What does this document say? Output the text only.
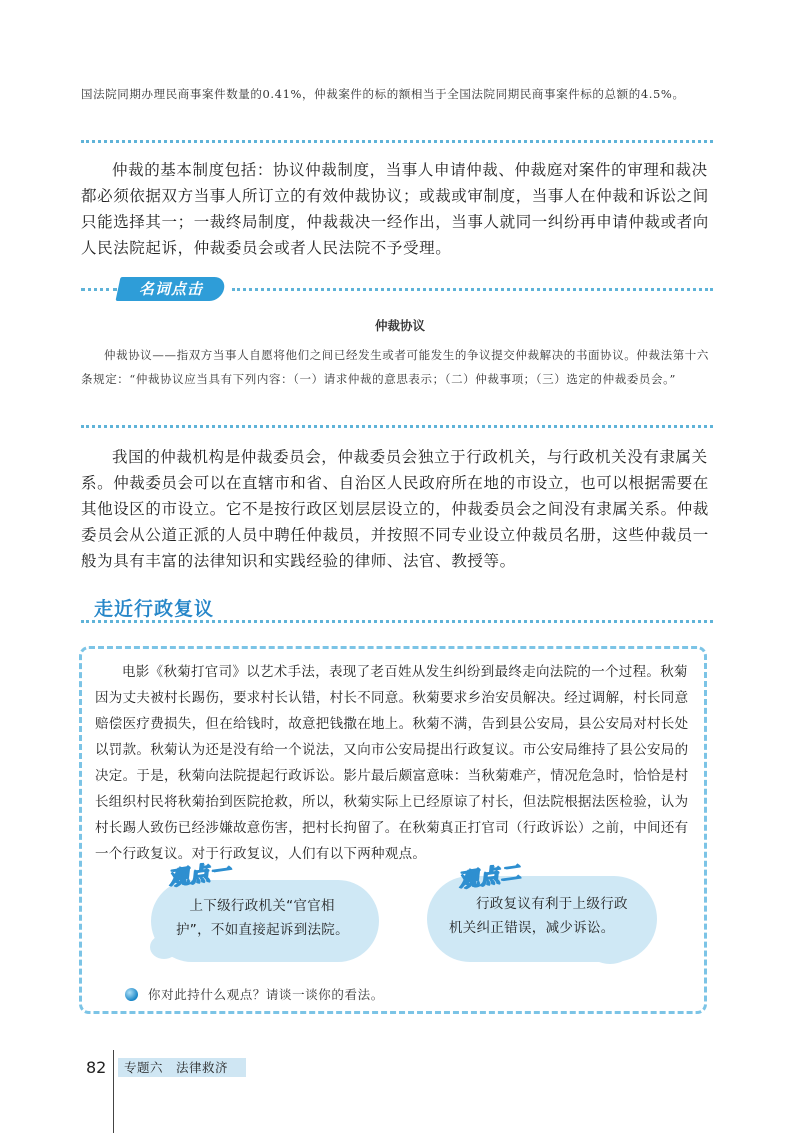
国法院同期办理民商事案件数量的0.41%，仲裁案件的标的额相当于全国法院同期民商事案件标的总额的4.5%。
仲裁的基本制度包括：协议仲裁制度，当事人申请仲裁、仲裁庭对案件的审理和裁决都必须依据双方当事人所订立的有效仲裁协议；或裁或审制度，当事人在仲裁和诉讼之间只能选择其一；一裁终局制度，仲裁裁决一经作出，当事人就同一纠纷再申请仲裁或者向人民法院起诉，仲裁委员会或者人民法院不予受理。
名词点击
仲裁协议
仲裁协议——指双方当事人自愿将他们之间已经发生或者可能发生的争议提交仲裁解决的书面协议。仲裁法第十六条规定：“仲裁协议应当具有下列内容：（一）请求仲裁的意思表示；（二）仲裁事项；（三）选定的仲裁委员会。”
我国的仲裁机构是仲裁委员会，仲裁委员会独立于行政机关，与行政机关没有隶属关系。仲裁委员会可以在直辖市和省、自治区人民政府所在地的市设立，也可以根据需要在其他设区的市设立。它不是按行政区划层层设立的，仲裁委员会之间没有隶属关系。仲裁委员会从公道正派的人员中聘任仲裁员，并按照不同专业设立仲裁员名册，这些仲裁员一般为具有丰富的法律知识和实践经验的律师、法官、教授等。
走近行政复议
电影《秋菊打官司》以艺术手法，表现了老百姓从发生纠纷到最终走向法院的一个过程。秋菊因为丈夫被村长踢伤，要求村长认错，村长不同意。秋菊要求乡治安员解决。经过调解，村长同意赔偿医疗费损失，但在给钱时，故意把钱撒在地上。秋菊不满，告到县公安局，县公安局对村长处以罚款。秋菊认为还是没有给一个说法，又向市公安局提出行政复议。市公安局维持了县公安局的决定。于是，秋菊向法院提起行政诉讼。影片最后颇富意味：当秋菊难产，情况危急时，恰恰是村长组织村民将秋菊抬到医院抢救，所以，秋菊实际上已经原谅了村长，但法院根据法医检验，认为村长踢人致伤已经涉嫌故意伤害，把村长拘留了。在秋菊真正打官司（行政诉讼）之前，中间还有一个行政复议。对于行政复议，人们有以下两种观点。
观点一
上下级行政机关“官官相护”，不如直接起诉到法院。
观点二
行政复议有利于上级行政机关纠正错误，减少诉讼。
你对此持什么观点？请谈一谈你的看法。
82	专题六　法律救济
